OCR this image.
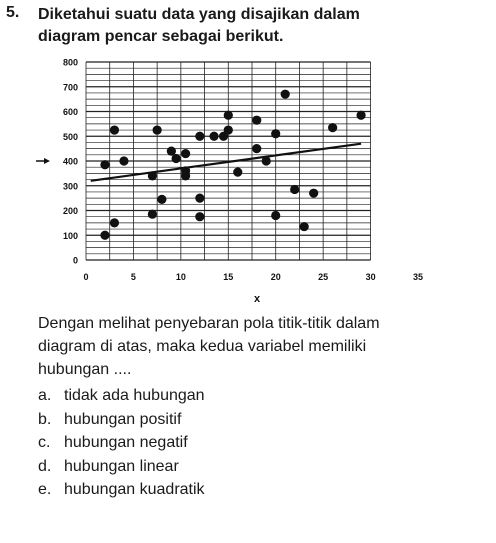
5. Diketahui suatu data yang disajikan dalam
diagram pencar sebagai berikut.
0
100
200
300
400
500
600
700
800
0	5	10	15	20	25	30	35
x
Dengan melihat penyebaran pola titik-titik dalam
diagram di atas, maka kedua variabel memiliki
hubungan ....
a. tidak ada hubungan
b. hubungan positif
c. hubungan negatif
d. hubungan linear
e. hubungan kuadratik
